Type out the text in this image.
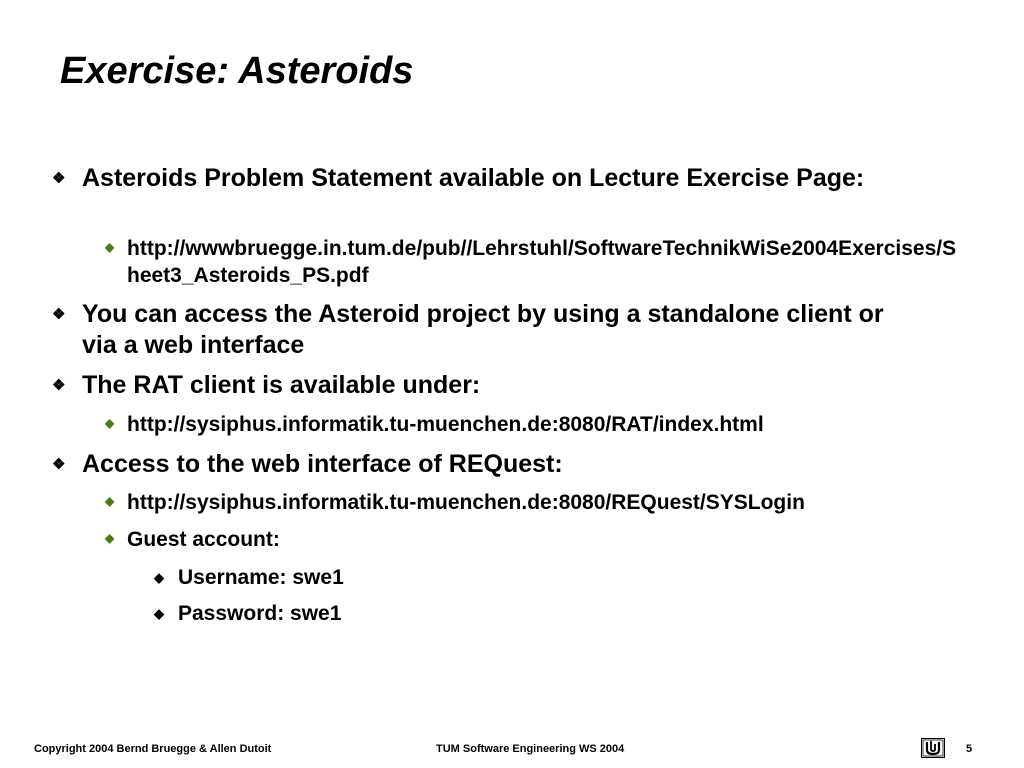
Exercise: Asteroids
❖ Asteroids Problem Statement available on Lecture Exercise Page:
◆ http://wwwbruegge.in.tum.de/pub//Lehrstuhl/SoftwareTechnikWiSe2004Exercises/Sheet3_Asteroids_PS.pdf
❖ You can access the Asteroid project by using a standalone client or via a web interface
❖ The RAT client is available under:
◆ http://sysiphus.informatik.tu-muenchen.de:8080/RAT/index.html
❖ Access to the web interface of REQuest:
◆ http://sysiphus.informatik.tu-muenchen.de:8080/REQuest/SYSLogin
◆ Guest account:
◆ Username: swe1
◆ Password: swe1
Copyright 2004 Bernd Bruegge & Allen Dutoit	TUM Software Engineering WS 2004	5
